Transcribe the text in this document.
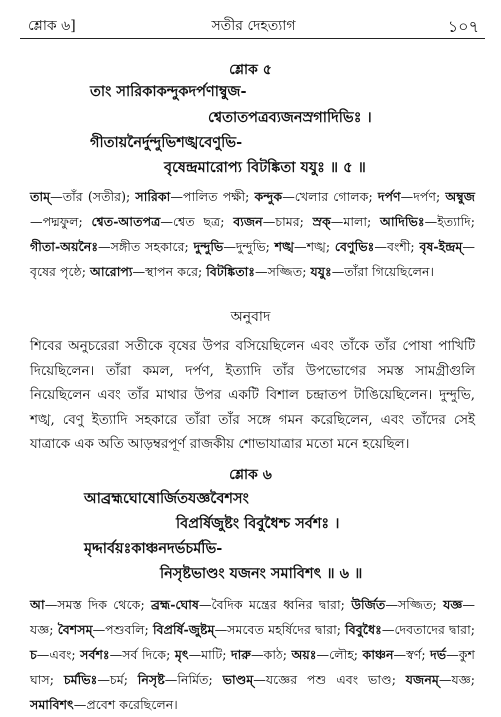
শ্লোক ৬]	সতীর দেহত্যাগ	১০৭
শ্লোক ৫
তাং সারিকাকন্দুকদর্পণাম্বুজ-
শ্বেতাতপত্রব্যজনস্রগাদিভিঃ ।
গীতায়নৈর্দুন্দুভিশঙ্খবেণুভি-
বৃষেন্দ্রমারোপ্য বিটঙ্কিতা যযুঃ ॥ ৫ ॥
তাম্—তাঁর (সতীর); সারিকা—পালিত পক্ষী; কন্দুক—খেলার গোলক; দর্পণ—দর্পণ; অম্বুজ—পদ্মফুল; শ্বেত-আতপত্র—শ্বেত ছত্র; ব্যজন—চামর; স্রক্—মালা; আদিভিঃ—ইত্যাদি; গীতা-অয়নৈঃ—সঙ্গীত সহকারে; দুন্দুভি—দুন্দুভি; শঙ্খ—শঙ্খ; বেণুভিঃ—বংশী; বৃষ-ইন্দ্রম্—বৃষের পৃষ্ঠে; আরোপ্য—স্থাপন করে; বিটঙ্কিতাঃ—সজ্জিত; যযুঃ—তাঁরা গিয়েছিলেন।
অনুবাদ
শিবের অনুচরেরা সতীকে বৃষের উপর বসিয়েছিলেন এবং তাঁকে তাঁর পোষা পাখিটি দিয়েছিলেন। তাঁরা কমল, দর্পণ, ইত্যাদি তাঁর উপভোগের সমস্ত সামগ্রীগুলি নিয়েছিলেন এবং তাঁর মাথার উপর একটি বিশাল চন্দ্রাতপ টাঙিয়েছিলেন। দুন্দুভি, শঙ্খ, বেণু ইত্যাদি সহকারে তাঁরা তাঁর সঙ্গে গমন করেছিলেন, এবং তাঁদের সেই যাত্রাকে এক অতি আড়ম্বরপূর্ণ রাজকীয় শোভাযাত্রার মতো মনে হয়েছিল।
শ্লোক ৬
আব্রহ্মঘোষোর্জিতযজ্ঞবৈশসং
বিপ্রর্ষিজুষ্টং বিবুধৈশ্চ সর্বশঃ ।
মৃদ্দার্বয়ঃকাঞ্চনদর্ভচর্মভি-
নিসৃষ্টভাণ্ডং যজনং সমাবিশৎ ॥ ৬ ॥
আ—সমস্ত দিক থেকে; ব্রহ্ম-ঘোষ—বৈদিক মন্ত্রের ধ্বনির দ্বারা; উর্জিত—সজ্জিত; যজ্ঞ—যজ্ঞ; বৈশসম্—পশুবলি; বিপ্রর্ষি-জুষ্টম্—সমবেত মহর্ষিদের দ্বারা; বিবুধৈঃ—দেবতাদের দ্বারা; চ—এবং; সর্বশঃ—সর্ব দিকে; মৃৎ—মাটি; দারু—কাঠ; অয়ঃ—লৌহ; কাঞ্চন—স্বর্ণ; দর্ভ—কুশ ঘাস; চর্মভিঃ—চর্ম; নিসৃষ্ট—নির্মিত; ভাণ্ডম্—যজ্ঞের পশু এবং ভাণ্ড; যজনম্—যজ্ঞ; সমাবিশৎ—প্রবেশ করেছিলেন।
